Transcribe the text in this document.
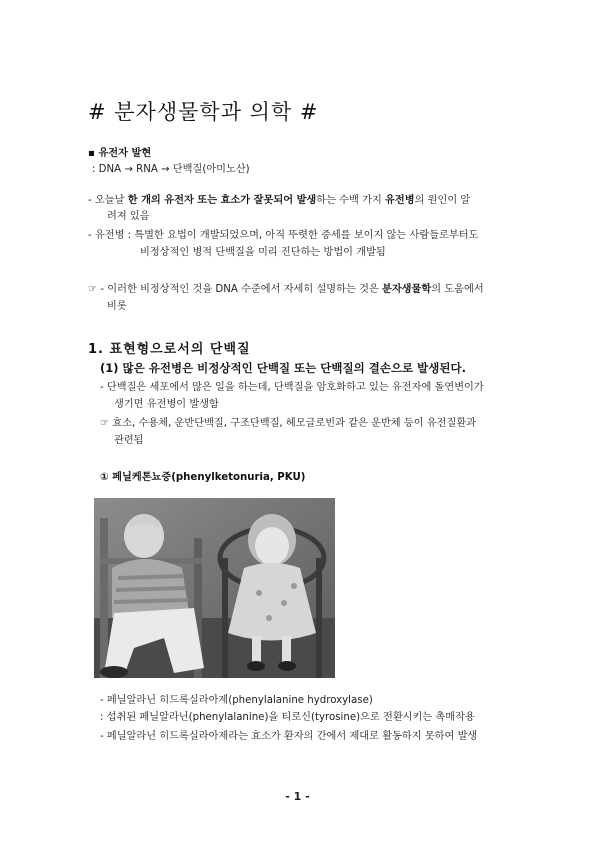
# 분자생물학과 의학 #
▪ 유전자 발현
: DNA → RNA → 단백질(아미노산)
- 오늘날 한 개의 유전자 또는 효소가 잘못되어 발생하는 수백 가지 유전병의 원인이 알
려져 있음
- 유전병 : 특별한 요법이 개발되었으며, 아직 뚜렷한 증세를 보이지 않는 사람들로부터도
비정상적인 병적 단백질을 미리 진단하는 방법이 개발됨
☞ - 이러한 비정상적인 것을 DNA 수준에서 자세히 설명하는 것은 분자생물학의 도움에서
비롯
1. 표현형으로서의 단백질
(1) 많은 유전병은 비정상적인 단백질 또는 단백질의 결손으로 발생된다.
- 단백질은 세포에서 많은 일을 하는데, 단백질을 암호화하고 있는 유전자에 돌연변이가
생기면 유전병이 발생함
☞ 효소, 수용체, 운반단백질, 구조단백질, 헤모글로빈과 같은 운반체 등이 유전질환과
관련됨
① 페닐케톤뇨증(phenylketonuria, PKU)
- 페닐알라닌 히드록실라아제(phenylalanine hydroxylase)
: 섭취된 페닐알라닌(phenylalanine)을 티로신(tyrosine)으로 전환시키는 촉매작용
- 페닐알라닌 히드록실라아제라는 효소가 환자의 간에서 제대로 활동하지 못하여 발생
- 1 -
